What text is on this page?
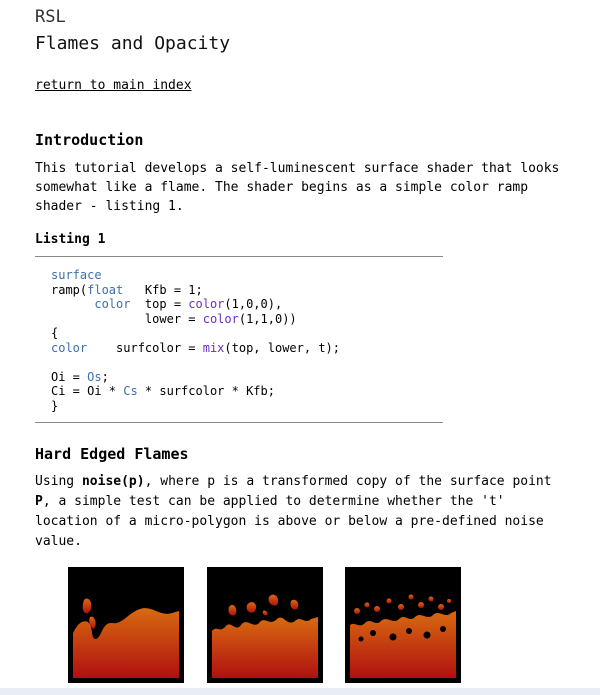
RSL
Flames and Opacity
return to main index
Introduction

This tutorial develops a self-luminescent surface shader that looks somewhat like a flame. The shader begins as a simple color ramp shader - listing 1.

Listing 1
surface
ramp(float   Kfb = 1;
color  top = color(1,0,0),
lower = color(1,1,0))
{
color    surfcolor = mix(top, lower, t);

Oi = Os;
Ci = Oi * Cs * surfcolor * Kfb;
}
Hard Edged Flames

Using noise(p), where p is a transformed copy of the surface point P, a simple test can be applied to determine whether the 't' location of a micro-polygon is above or below a pre-defined noise value.
